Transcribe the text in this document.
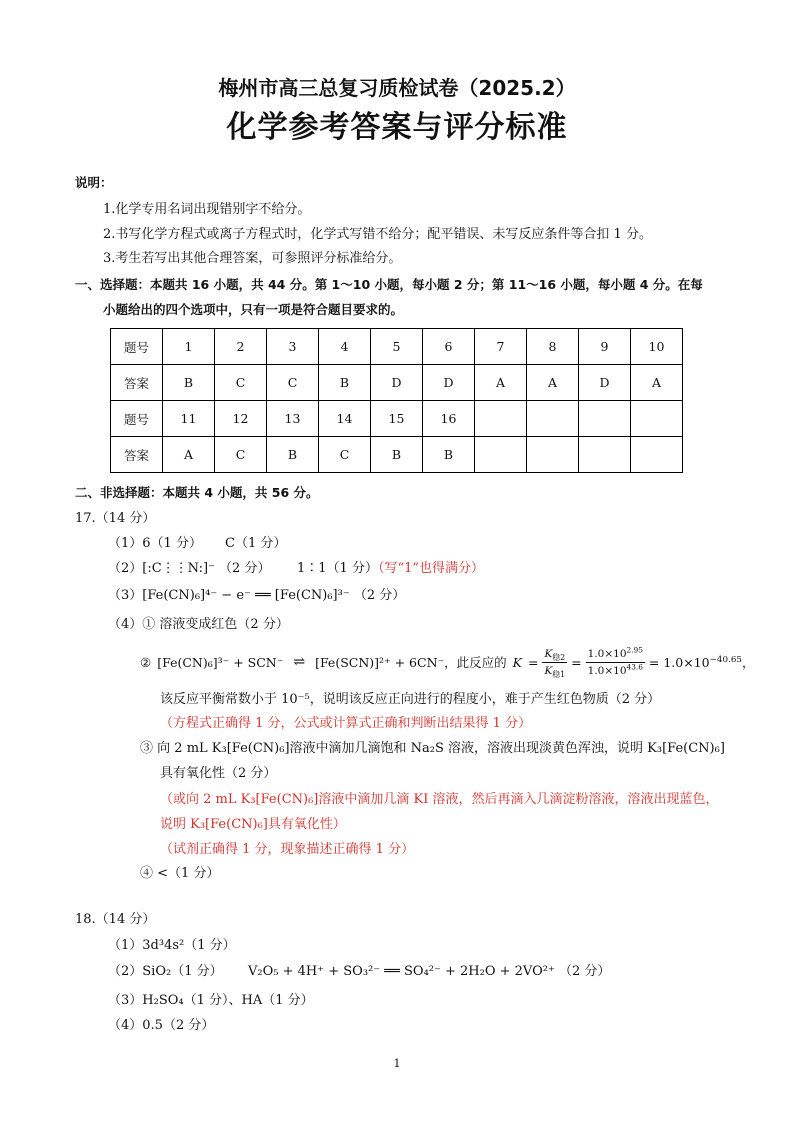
梅州市高三总复习质检试卷（2025.2）
化学参考答案与评分标准
说明：
1.化学专用名词出现错别字不给分。
2.书写化学方程式或离子方程式时，化学式写错不给分；配平错误、未写反应条件等合扣 1 分。
3.考生若写出其他合理答案，可参照评分标准给分。
一、选择题：本题共 16 小题，共 44 分。第 1～10 小题，每小题 2 分；第 11～16 小题，每小题 4 分。在每
小题给出的四个选项中，只有一项是符合题目要求的。
题号	1	2	3	4	5	6	7	8	9	10
答案	B	C	C	B	D	D	A	A	D	A
题号	11	12	13	14	15	16				
答案	A	C	B	C	B	B				
二、非选择题：本题共 4 小题，共 56 分。
17.（14 分）
（1）6（1 分） C（1 分）
（2）[:C⋮⋮N:]⁻ （2 分） 1∶1（1 分）（写“1”也得满分）
（3）[Fe(CN)₆]⁴⁻ − e⁻ ══ [Fe(CN)₆]³⁻ （2 分）
（4）① 溶液变成红色（2 分）
② [Fe(CN)₆]³⁻ + SCN⁻ ⇌ [Fe(SCN)]²⁺ + 6CN⁻，此反应的 $K = \frac{K_{稳2}}{K_{稳1}} = \frac{1.0\times 10^{2.95}}{1.0\times 10^{43.6}} = 1.0\times 10^{-40.65}$，
该反应平衡常数小于 10⁻⁵，说明该反应正向进行的程度小，难于产生红色物质（2 分）
（方程式正确得 1 分，公式或计算式正确和判断出结果得 1 分）
③ 向 2 mL K₃[Fe(CN)₆]溶液中滴加几滴饱和 Na₂S 溶液，溶液出现淡黄色浑浊，说明 K₃[Fe(CN)₆]
具有氧化性（2 分）
（或向 2 mL K₃[Fe(CN)₆]溶液中滴加几滴 KI 溶液，然后再滴入几滴淀粉溶液，溶液出现蓝色，
说明 K₃[Fe(CN)₆]具有氧化性）
（试剂正确得 1 分，现象描述正确得 1 分）
④ <（1 分）
18.（14 分）
（1）3d³4s²（1 分）
（2）SiO₂（1 分） V₂O₅ + 4H⁺ + SO₃²⁻ ══ SO₄²⁻ + 2H₂O + 2VO²⁺ （2 分）
（3）H₂SO₄（1 分）、HA（1 分）
（4）0.5（2 分）
1
